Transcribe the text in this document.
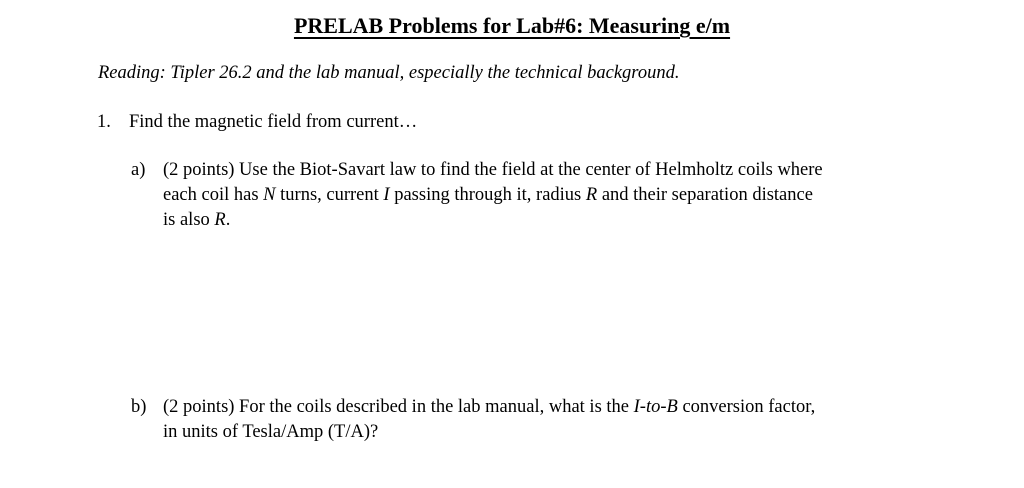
PRELAB Problems for Lab#6: Measuring e/m

Reading: Tipler 26.2 and the lab manual, especially the technical background.

1. Find the magnetic field from current…

a) (2 points) Use the Biot-Savart law to find the field at the center of Helmholtz coils where
each coil has N turns, current I passing through it, radius R and their separation distance
is also R.
b) (2 points) For the coils described in the lab manual, what is the I-to-B conversion factor,
in units of Tesla/Amp (T/A)?
